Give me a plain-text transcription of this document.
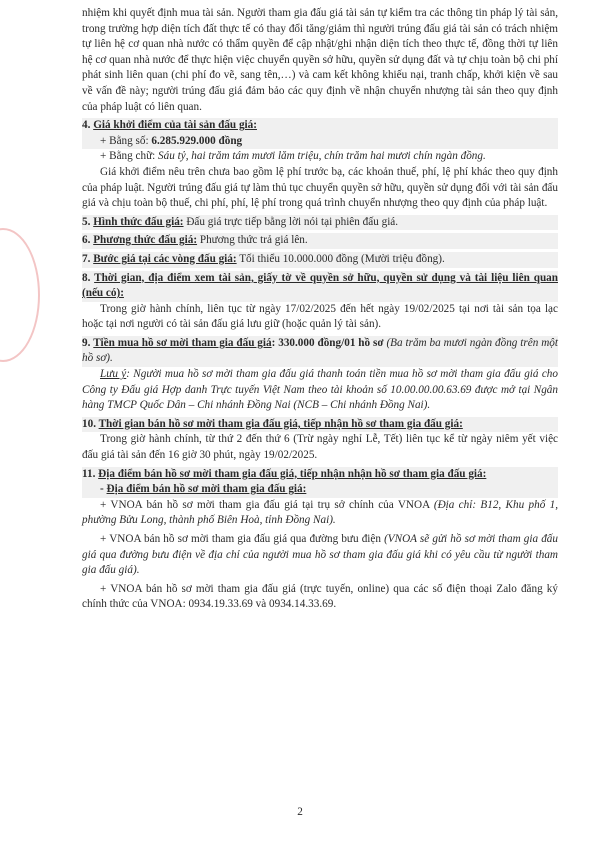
nhiệm khi quyết định mua tài sản. Người tham gia đấu giá tài sản tự kiểm tra các thông tin pháp lý tài sản, trong trường hợp diện tích đất thực tế có thay đổi tăng/giảm thì người trúng đấu giá tài sản có trách nhiệm tự liên hệ cơ quan nhà nước có thẩm quyền để cập nhật/ghi nhận diện tích theo thực tế, đồng thời tự liên hệ cơ quan nhà nước để thực hiện việc chuyển quyền sở hữu, quyền sử dụng đất và tự chịu toàn bộ chi phí phát sinh liên quan (chi phí đo vẽ, sang tên,…) và cam kết không khiếu nại, tranh chấp, khởi kiện về sau về vấn đề này; người trúng đấu giá đảm bảo các quy định về nhận chuyển nhượng tài sản theo quy định của pháp luật có liên quan.

4. Giá khởi điểm của tài sản đấu giá:

+ Bằng số: 6.285.929.000 đồng

+ Bằng chữ: Sáu tỷ, hai trăm tám mươi lăm triệu, chín trăm hai mươi chín ngàn đồng.

Giá khởi điểm nêu trên chưa bao gồm lệ phí trước bạ, các khoản thuế, phí, lệ phí khác theo quy định của pháp luật. Người trúng đấu giá tự làm thủ tục chuyển quyền sở hữu, quyền sử dụng đối với tài sản đấu giá và chịu toàn bộ thuế, chi phí, phí, lệ phí trong quá trình chuyển nhượng theo quy định của pháp luật.

5. Hình thức đấu giá: Đấu giá trực tiếp bằng lời nói tại phiên đấu giá.

6. Phương thức đấu giá: Phương thức trả giá lên.

7. Bước giá tại các vòng đấu giá: Tối thiểu 10.000.000 đồng (Mười triệu đồng).

8. Thời gian, địa điểm xem tài sản, giấy tờ về quyền sở hữu, quyền sử dụng và tài liệu liên quan (nếu có):

Trong giờ hành chính, liên tục từ ngày 17/02/2025 đến hết ngày 19/02/2025 tại nơi tài sản tọa lạc hoặc tại nơi người có tài sản đấu giá lưu giữ (hoặc quản lý tài sản).

9. Tiền mua hồ sơ mời tham gia đấu giá: 330.000 đồng/01 hồ sơ (Ba trăm ba mươi ngàn đồng trên một hồ sơ).

Lưu ý: Người mua hồ sơ mời tham gia đấu giá thanh toán tiền mua hồ sơ mời tham gia đấu giá cho Công ty Đấu giá Hợp danh Trực tuyến Việt Nam theo tài khoản số 10.00.00.00.63.69 được mở tại Ngân hàng TMCP Quốc Dân – Chi nhánh Đồng Nai (NCB – Chi nhánh Đồng Nai).

10. Thời gian bán hồ sơ mời tham gia đấu giá, tiếp nhận hồ sơ tham gia đấu giá:

Trong giờ hành chính, từ thứ 2 đến thứ 6 (Trừ ngày nghỉ Lễ, Tết) liên tục kể từ ngày niêm yết việc đấu giá tài sản đến 16 giờ 30 phút, ngày 19/02/2025.

11. Địa điểm bán hồ sơ mời tham gia đấu giá, tiếp nhận nhận hồ sơ tham gia đấu giá:

- Địa điểm bán hồ sơ mời tham gia đấu giá:

+ VNOA bán hồ sơ mời tham gia đấu giá tại trụ sở chính của VNOA (Địa chỉ: B12, Khu phố 1, phường Bửu Long, thành phố Biên Hoà, tỉnh Đồng Nai).

+ VNOA bán hồ sơ mời tham gia đấu giá qua đường bưu điện (VNOA sẽ gửi hồ sơ mời tham gia đấu giá qua đường bưu điện về địa chỉ của người mua hồ sơ tham gia đấu giá khi có yêu cầu từ người tham gia đấu giá).

+ VNOA bán hồ sơ mời tham gia đấu giá (trực tuyến, online) qua các số điện thoại Zalo đăng ký chính thức của VNOA: 0934.19.33.69 và 0934.14.33.69.

2
